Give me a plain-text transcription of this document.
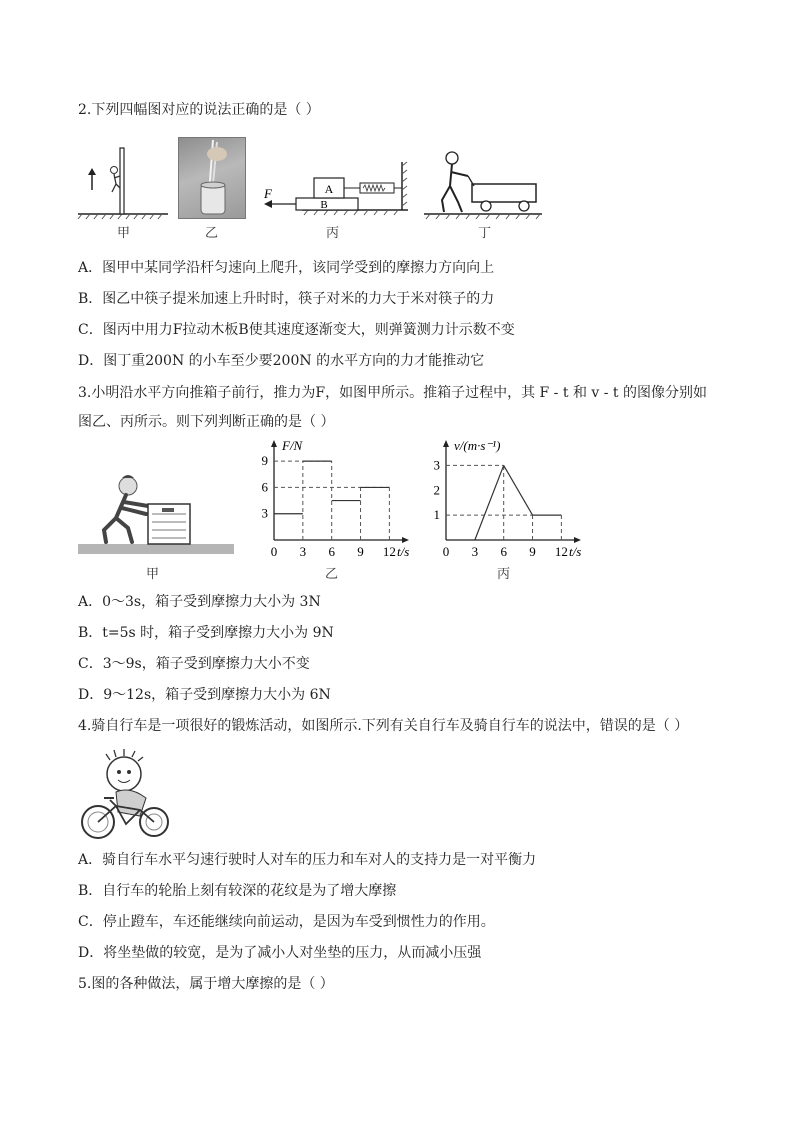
2.下列四幅图对应的说法正确的是（ ）
甲	乙
B
A
F
丙	丁
A．图甲中某同学沿杆匀速向上爬升，该同学受到的摩擦力方向向上
B．图乙中筷子提米加速上升时时，筷子对米的力大于米对筷子的力
C．图丙中用力F拉动木板B使其速度逐渐变大，则弹簧测力计示数不变
D．图丁重200N 的小车至少要200N 的水平方向的力才能推动它
3.小明沿水平方向推箱子前行，推力为F，如图甲所示。推箱子过程中，其 F - t 和 v - t 的图像分别如
图乙、丙所示。则下列判断正确的是（ ）
甲
F/N
t/s
0 3 6 9 12
3
6
9
乙
v/(m·s⁻¹)
t/s
0 3 6 9 12
1
2
3
丙
A．0～3s，箱子受到摩擦力大小为 3N
B．t=5s 时，箱子受到摩擦力大小为 9N
C．3～9s，箱子受到摩擦力大小不变
D．9～12s，箱子受到摩擦力大小为 6N
4.骑自行车是一项很好的锻炼活动，如图所示.下列有关自行车及骑自行车的说法中，错误的是（ ）
A．骑自行车水平匀速行驶时人对车的压力和车对人的支持力是一对平衡力
B．自行车的轮胎上刻有较深的花纹是为了增大摩擦
C．停止蹬车，车还能继续向前运动，是因为车受到惯性力的作用。
D．将坐垫做的较宽，是为了减小人对坐垫的压力，从而减小压强
5.图的各种做法，属于增大摩擦的是（ ）
